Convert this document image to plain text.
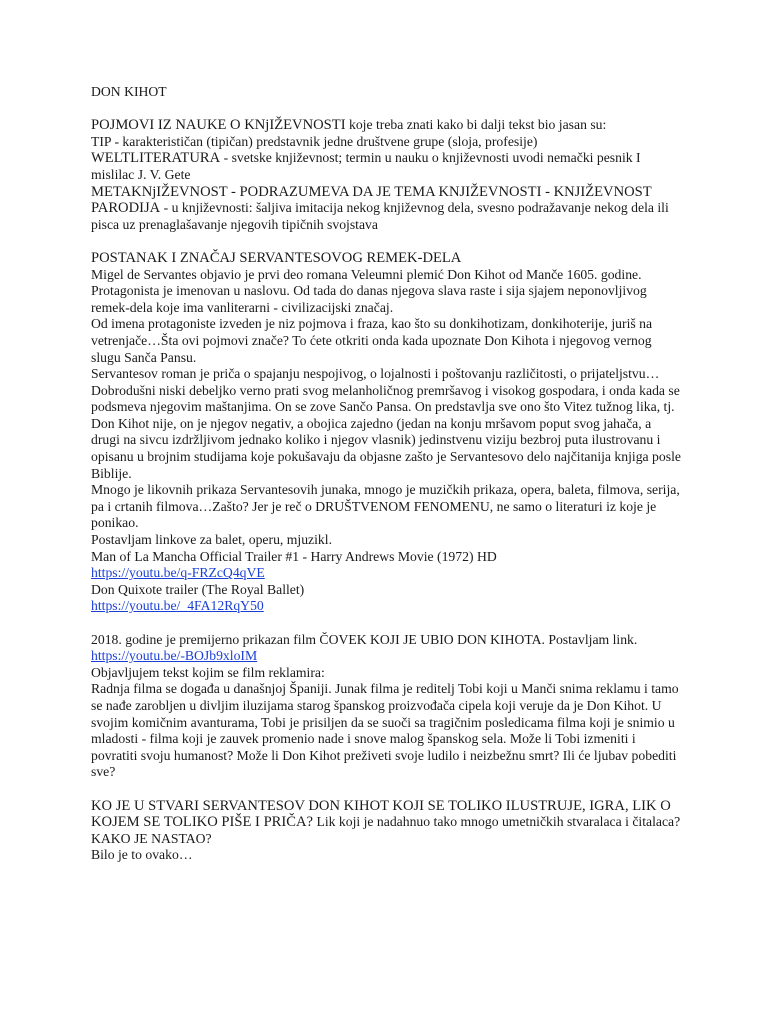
DON KIHOT

POJMOVI IZ NAUKE O KNjIŽEVNOSTI koje treba znati kako bi dalji tekst bio jasan su:

TIP - karakterističan (tipičan) predstavnik jedne društvene grupe (sloja, profesije)

WELTLITERATURA - svetske književnost; termin u nauku o književnosti uvodi nemački pesnik I mislilac J. V. Gete

METAKNjIŽEVNOST - PODRAZUMEVA DA JE TEMA KNJIŽEVNOSTI - KNJIŽEVNOST

PARODIJA - u književnosti: šaljiva imitacija nekog književnog dela, svesno podražavanje nekog dela ili pisca uz prenaglašavanje njegovih tipičnih svojstava

POSTANAK I ZNAČAJ SERVANTESOVOG REMEK-DELA

Migel de Servantes objavio je prvi deo romana Veleumni plemić Don Kihot od Manče 1605. godine. Protagonista je imenovan u naslovu. Od tada do danas njegova slava raste i sija sjajem neponovljivog remek-dela koje ima vanliterarni - civilizacijski značaj.

Od imena protagoniste izveden je niz pojmova i fraza, kao što su donkihotizam, donkihoterije, juriš na vetrenjače…Šta ovi pojmovi znače? To ćete otkriti onda kada upoznate Don Kihota i njegovog vernog slugu Sanča Pansu.

Servantesov roman je priča o spajanju nespojivog, o lojalnosti i poštovanju različitosti, o prijateljstvu… Dobrodušni niski debeljko verno prati svog melanholičnog premršavog i visokog gospodara, i onda kada se podsmeva njegovim maštanjima. On se zove Sančo Pansa. On predstavlja sve ono što Vitez tužnog lika, tj. Don Kihot nije, on je njegov negativ, a obojica zajedno (jedan na konju mršavom poput svog jahača, a drugi na sivcu izdržljivom jednako koliko i njegov vlasnik) jedinstvenu viziju bezbroj puta ilustrovanu i opisanu u brojnim studijama koje pokušavaju da objasne zašto je Servantesovo delo najčitanija knjiga posle Biblije.

Mnogo je likovnih prikaza Servantesovih junaka, mnogo je muzičkih prikaza, opera, baleta, filmova, serija, pa i crtanih filmova…Zašto? Jer je reč o DRUŠTVENOM FENOMENU, ne samo o literaturi iz koje je ponikao.

Postavljam linkove za balet, operu, mjuzikl.

Man of La Mancha Official Trailer #1 - Harry Andrews Movie (1972) HD

https://youtu.be/q-FRZcQ4qVE

Don Quixote trailer (The Royal Ballet)

https://youtu.be/_4FA12RqY50

2018. godine je premijerno prikazan film ČOVEK KOJI JE UBIO DON KIHOTA. Postavljam link.

https://youtu.be/-BOJb9xloIM

Objavljujem tekst kojim se film reklamira:

Radnja filma se događa u današnjoj Španiji. Junak filma je reditelj Tobi koji u Manči snima reklamu i tamo se nađe zarobljen u divljim iluzijama starog španskog proizvođača cipela koji veruje da je Don Kihot. U svojim komičnim avanturama, Tobi je prisiljen da se suoči sa tragičnim posledicama filma koji je snimio u mladosti - filma koji je zauvek promenio nade i snove malog španskog sela. Može li Tobi izmeniti i povratiti svoju humanost? Može li Don Kihot preživeti svoje ludilo i neizbežnu smrt? Ili će ljubav pobediti sve?

KO JE U STVARI SERVANTESOV DON KIHOT KOJI SE TOLIKO ILUSTRUJE, IGRA, LIK O KOJEM SE TOLIKO PIŠE I PRIČA? Lik koji je nadahnuo tako mnogo umetničkih stvaralaca i čitalaca? KAKO JE NASTAO?

Bilo je to ovako…
